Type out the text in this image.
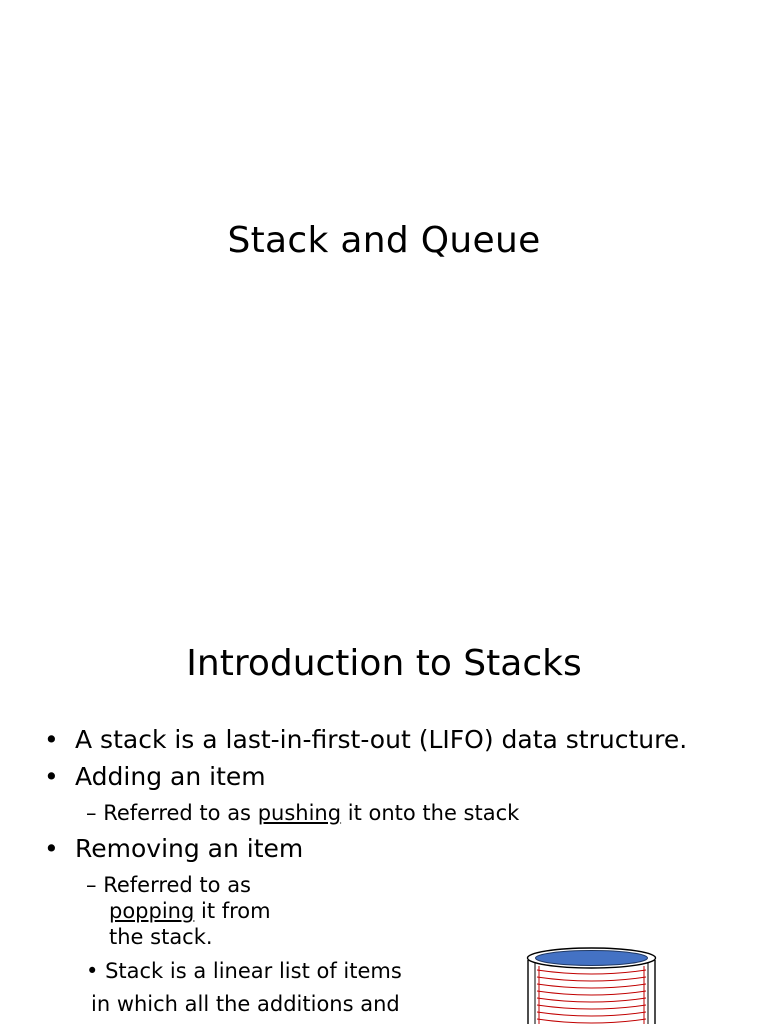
Stack and Queue
Introduction to Stacks
• A stack is a last-in-first-out (LIFO) data structure.
• Adding an item
– Referred to as pushing it onto the stack
• Removing an item
– Referred to as
popping it from
the stack.
• Stack is a linear list of items
in which all the additions and
